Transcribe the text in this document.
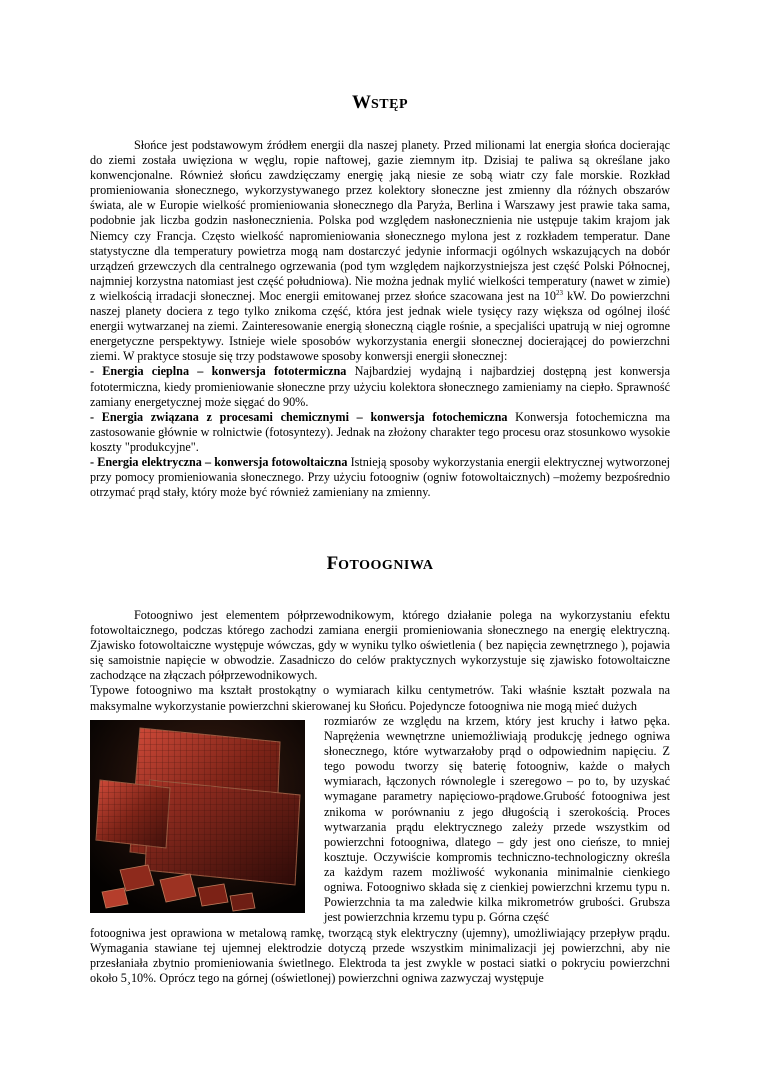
WSTĘP

Słońce jest podstawowym źródłem energii dla naszej planety. Przed milionami lat energia słońca docierając do ziemi została uwięziona w węglu, ropie naftowej, gazie ziemnym itp. Dzisiaj te paliwa są określane jako konwencjonalne. Również słońcu zawdzięczamy energię jaką niesie ze sobą wiatr czy fale morskie. Rozkład promieniowania słonecznego, wykorzystywanego przez kolektory słoneczne jest zmienny dla różnych obszarów świata, ale w Europie wielkość promieniowania słonecznego dla Paryża, Berlina i Warszawy jest prawie taka sama, podobnie jak liczba godzin nasłonecznienia. Polska pod względem nasłonecznienia nie ustępuje takim krajom jak Niemcy czy Francja. Często wielkość napromieniowania słonecznego mylona jest z rozkładem temperatur. Dane statystyczne dla temperatury powietrza mogą nam dostarczyć jedynie informacji ogólnych wskazujących na dobór urządzeń grzewczych dla centralnego ogrzewania (pod tym względem najkorzystniejsza jest część Polski Północnej, najmniej korzystna natomiast jest część południowa). Nie można jednak mylić wielkości temperatury (nawet w zimie) z wielkością irradacji słonecznej. Moc energii emitowanej przez słońce szacowana jest na $10^{23}$ kW. Do powierzchni naszej planety dociera z tego tylko znikoma część, która jest jednak wiele tysięcy razy większa od ogólnej ilość energii wytwarzanej na ziemi. Zainteresowanie energią słoneczną ciągle rośnie, a specjaliści upatrują w niej ogromne energetyczne perspektywy. Istnieje wiele sposobów wykorzystania energii słonecznej docierającej do powierzchni ziemi. W praktyce stosuje się trzy podstawowe sposoby konwersji energii słonecznej:

- Energia cieplna – konwersja fototermiczna Najbardziej wydajną i najbardziej dostępną jest konwersja fototermiczna, kiedy promieniowanie słoneczne przy użyciu kolektora słonecznego zamieniamy na ciepło. Sprawność zamiany energetycznej może sięgać do 90%.

- Energia związana z procesami chemicznymi – konwersja fotochemiczna Konwersja fotochemiczna ma zastosowanie głównie w rolnictwie (fotosyntezy). Jednak na złożony charakter tego procesu oraz stosunkowo wysokie koszty "produkcyjne".

- Energia elektryczna – konwersja fotowoltaiczna Istnieją sposoby wykorzystania energii elektrycznej wytworzonej przy pomocy promieniowania słonecznego. Przy użyciu fotoogniw (ogniw fotowoltaicznych) –możemy bezpośrednio otrzymać prąd stały, który może być również zamieniany na zmienny.

FOTOOGNIWA

Fotoogniwo jest elementem półprzewodnikowym, którego działanie polega na wykorzystaniu efektu fotowoltaicznego, podczas którego zachodzi zamiana energii promieniowania słonecznego na energię elektryczną. Zjawisko fotowoltaiczne występuje wówczas, gdy w wyniku tylko oświetlenia ( bez napięcia zewnętrznego ), pojawia się samoistnie napięcie w obwodzie. Zasadniczo do celów praktycznych wykorzystuje się zjawisko fotowoltaiczne zachodzące na złączach półprzewodnikowych.

Typowe fotoogniwo ma kształt prostokątny o wymiarach kilku centymetrów. Taki właśnie kształt pozwala na maksymalne wykorzystanie powierzchni skierowanej ku Słońcu. Pojedyncze fotoogniwa nie mogą mieć dużych

rozmiarów ze względu na krzem, który jest kruchy i łatwo pęka. Naprężenia wewnętrzne uniemożliwiają produkcję jednego ogniwa słonecznego, które wytwarzałoby prąd o odpowiednim napięciu. Z tego powodu tworzy się baterię fotoogniw, każde o małych wymiarach, łączonych równolegle i szeregowo – po to, by uzyskać wymagane parametry napięciowo-prądowe.Grubość fotoogniwa jest znikoma w porównaniu z jego długością i szerokością. Proces wytwarzania prądu elektrycznego zależy przede wszystkim od powierzchni fotoogniwa, dlatego – gdy jest ono cieńsze, to mniej kosztuje. Oczywiście kompromis techniczno-technologiczny określa za każdym razem możliwość wykonania minimalnie cienkiego ogniwa. Fotoogniwo składa się z cienkiej powierzchni krzemu typu n. Powierzchnia ta ma zaledwie kilka mikrometrów grubości. Grubsza jest powierzchnia krzemu typu p. Górna część

fotoogniwa jest oprawiona w metalową ramkę, tworzącą styk elektryczny (ujemny), umożliwiający przepływ prądu. Wymagania stawiane tej ujemnej elektrodzie dotyczą przede wszystkim minimalizacji jej powierzchni, aby nie przesłaniała zbytnio promieniowania świetlnego. Elektroda ta jest zwykle w postaci siatki o pokryciu powierzchni około 5¸10%. Oprócz tego na górnej (oświetlonej) powierzchni ogniwa zazwyczaj występuje
